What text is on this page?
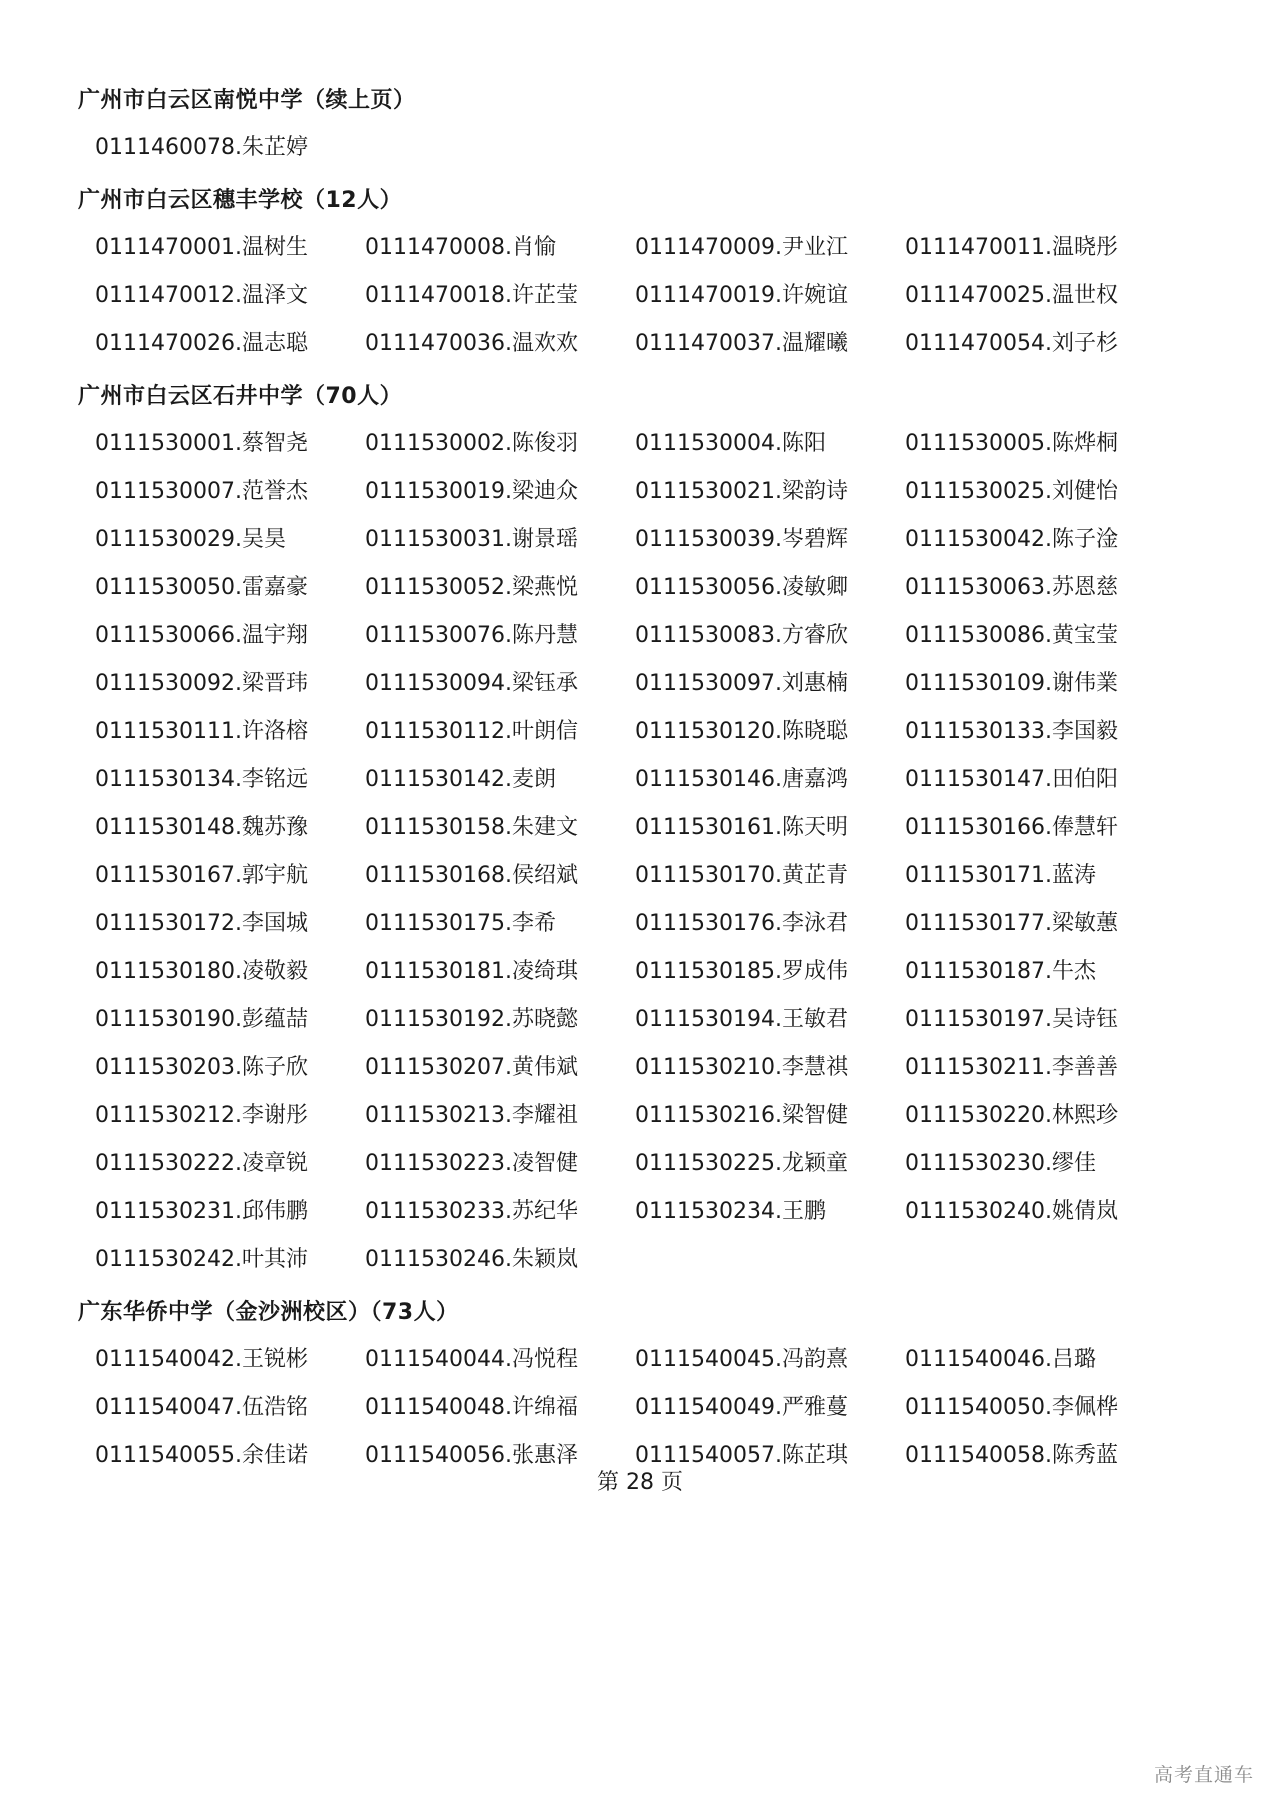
广州市白云区南悦中学（续上页）
0111460078.朱芷婷
广州市白云区穗丰学校（12人）
0111470001.温树生	0111470008.肖愉	0111470009.尹业江	0111470011.温晓彤
0111470012.温泽文	0111470018.许芷莹	0111470019.许婉谊	0111470025.温世权
0111470026.温志聪	0111470036.温欢欢	0111470037.温耀曦	0111470054.刘子杉
广州市白云区石井中学（70人）
0111530001.蔡智尧	0111530002.陈俊羽	0111530004.陈阳	0111530005.陈烨桐
0111530007.范誉杰	0111530019.梁迪众	0111530021.梁韵诗	0111530025.刘健怡
0111530029.吴昊	0111530031.谢景瑶	0111530039.岑碧辉	0111530042.陈子淦
0111530050.雷嘉豪	0111530052.梁燕悦	0111530056.凌敏卿	0111530063.苏恩慈
0111530066.温宇翔	0111530076.陈丹慧	0111530083.方睿欣	0111530086.黄宝莹
0111530092.梁晋玮	0111530094.梁钰承	0111530097.刘惠楠	0111530109.谢伟業
0111530111.许洛榕	0111530112.叶朗信	0111530120.陈晓聪	0111530133.李国毅
0111530134.李铭远	0111530142.麦朗	0111530146.唐嘉鸿	0111530147.田伯阳
0111530148.魏苏豫	0111530158.朱建文	0111530161.陈天明	0111530166.俸慧轩
0111530167.郭宇航	0111530168.侯绍斌	0111530170.黄芷青	0111530171.蓝涛
0111530172.李国城	0111530175.李希	0111530176.李泳君	0111530177.梁敏蕙
0111530180.凌敬毅	0111530181.凌绮琪	0111530185.罗成伟	0111530187.牛杰
0111530190.彭蕴喆	0111530192.苏晓懿	0111530194.王敏君	0111530197.吴诗钰
0111530203.陈子欣	0111530207.黄伟斌	0111530210.李慧祺	0111530211.李善善
0111530212.李谢彤	0111530213.李耀祖	0111530216.梁智健	0111530220.林熙珍
0111530222.凌章锐	0111530223.凌智健	0111530225.龙颖童	0111530230.缪佳
0111530231.邱伟鹏	0111530233.苏纪华	0111530234.王鹏	0111530240.姚倩岚
0111530242.叶其沛	0111530246.朱颖岚
广东华侨中学（金沙洲校区）（73人）
0111540042.王锐彬	0111540044.冯悦程	0111540045.冯韵熹	0111540046.吕璐
0111540047.伍浩铭	0111540048.许绵福	0111540049.严雅蔓	0111540050.李佩桦
0111540055.余佳诺	0111540056.张惠泽	0111540057.陈芷琪	0111540058.陈秀蓝
第 28 页
高考直通车
